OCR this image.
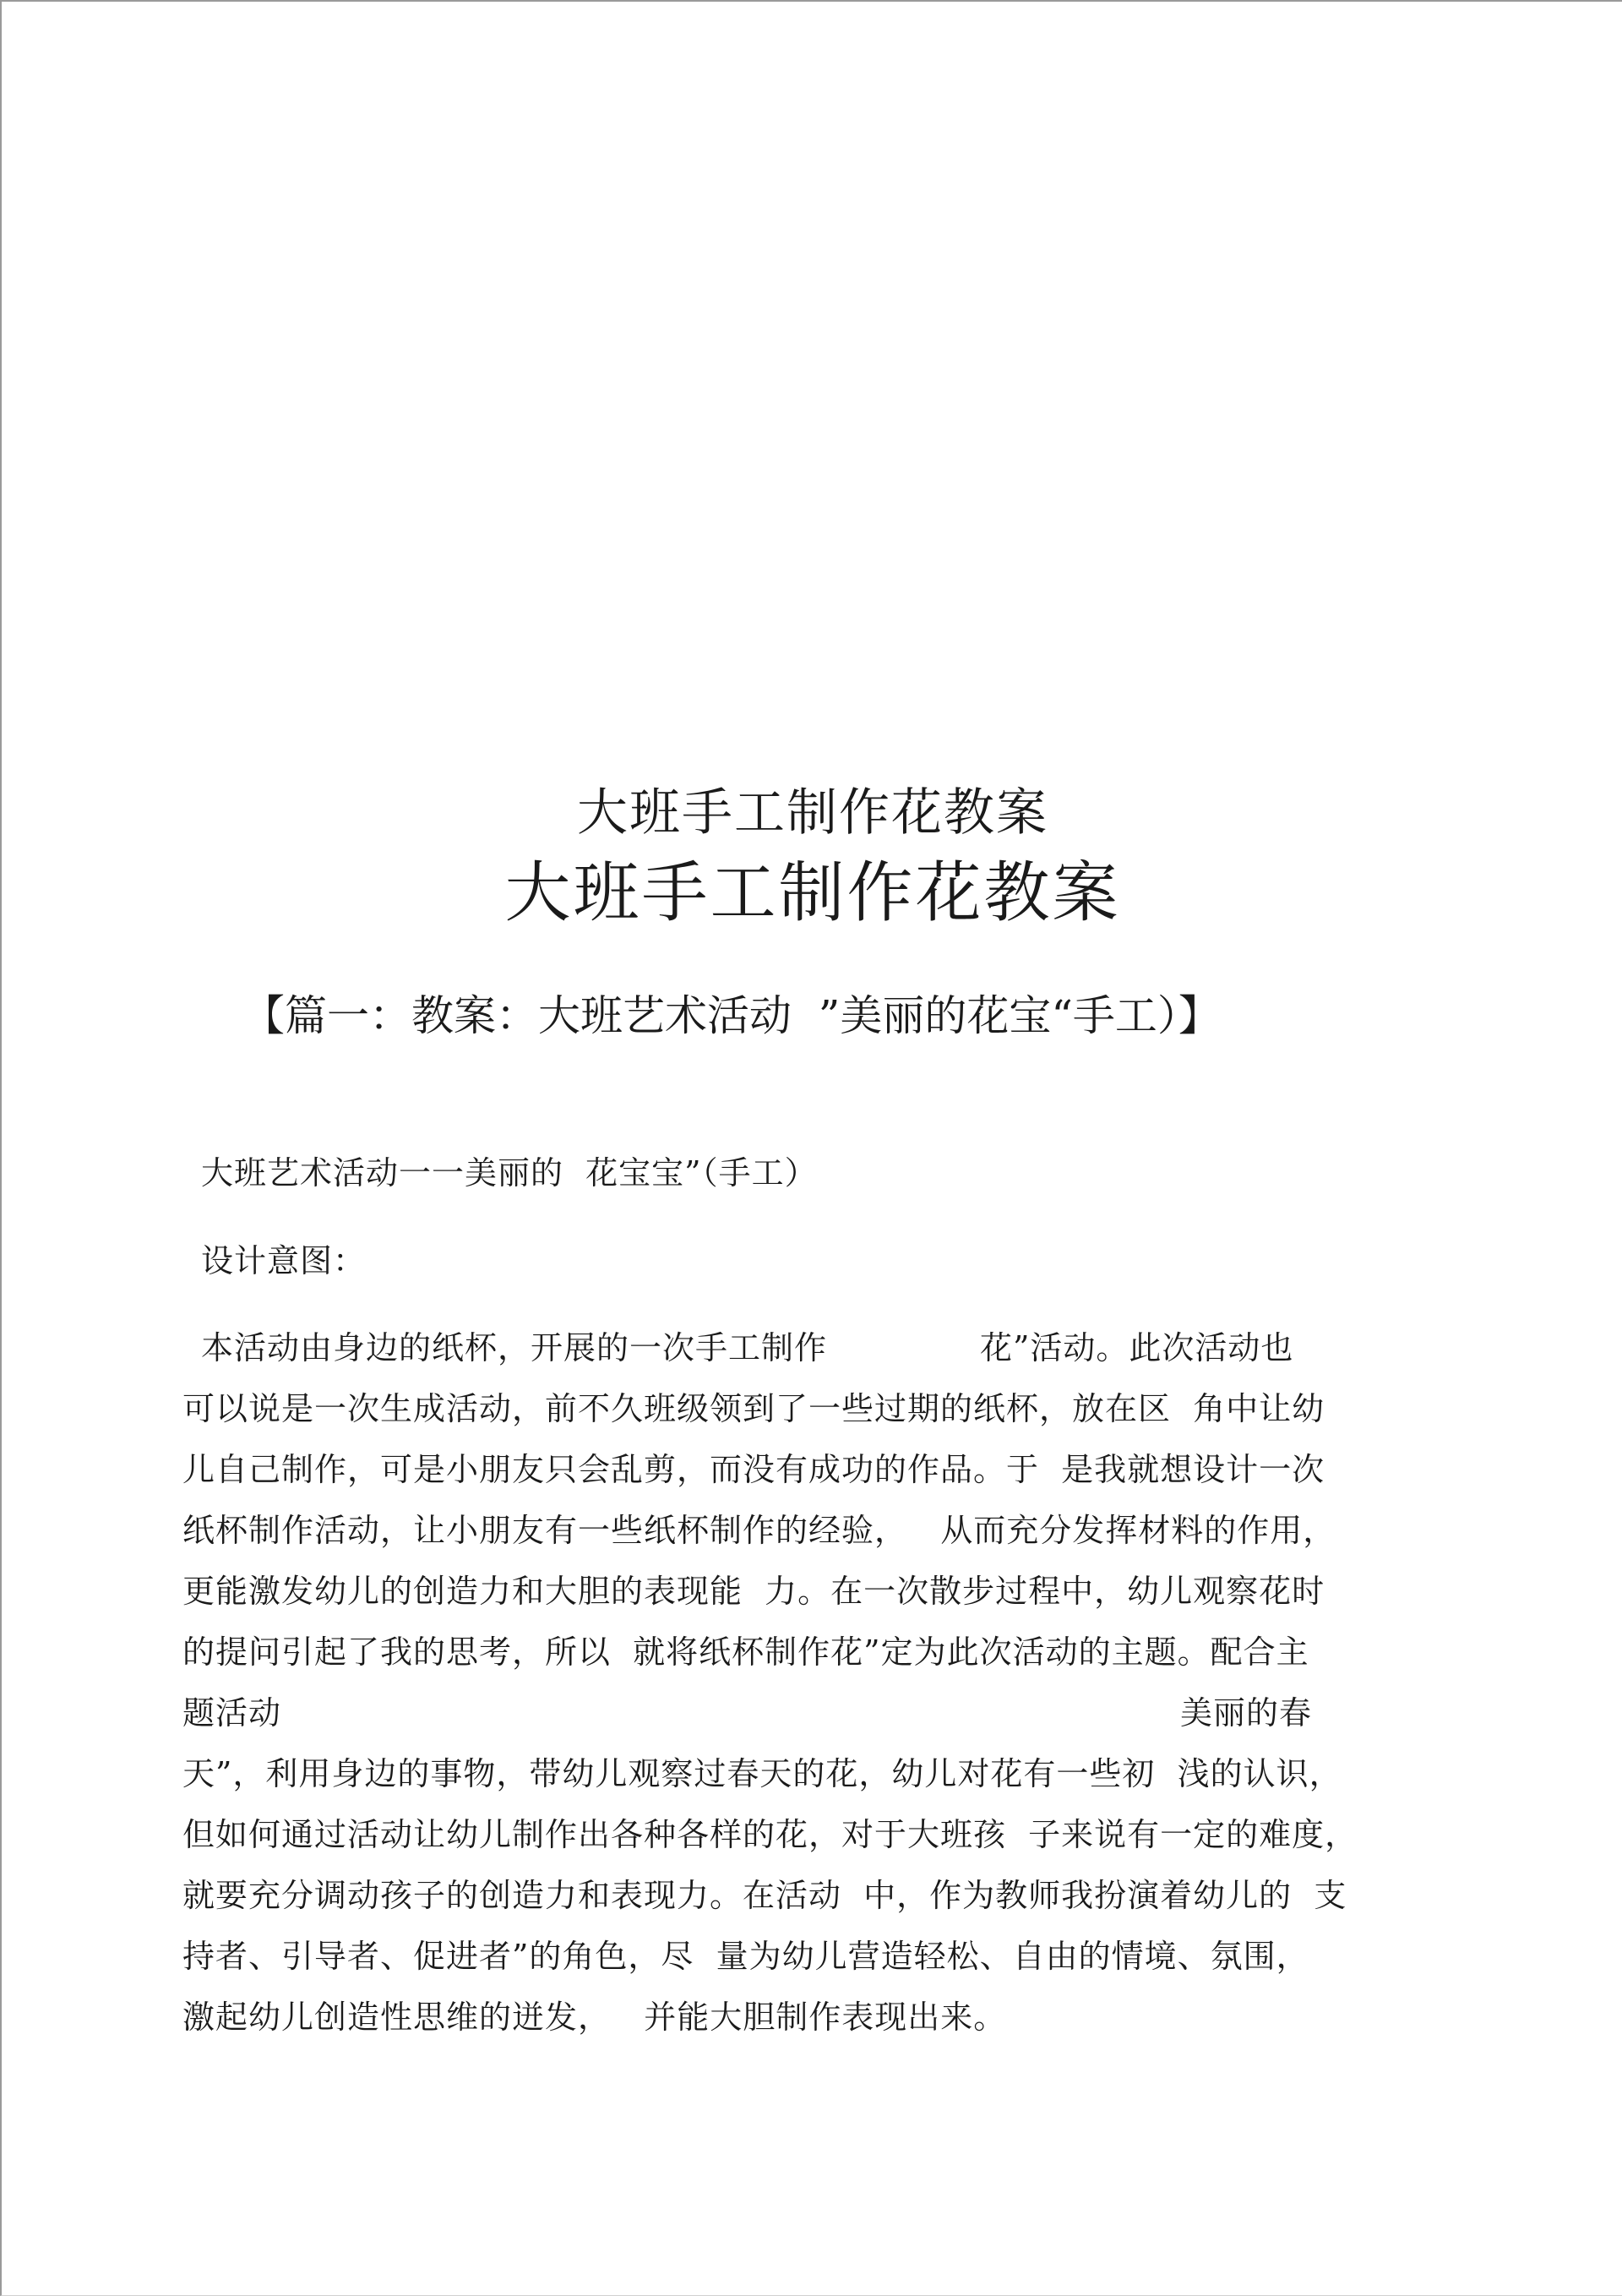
大班手工制作花教案
大班手工制作花教案
【篇一：教案：大班艺术活动  ”美丽的花宝“手工）】
大班艺术活动一一美丽的  花宝宝”（手工）
设计意图：
本活动由身边的纸杯，开展的一次手工制作	花”活动。此次活动也
可以说是一次生成活动，前不久班级领到了一些过期的纸杯，放在区  角中让幼
儿自己制作，可是小朋友只会乱剪，而没有成功的作品。于  是我就想设计一次
纸杯制作活动，让小朋友有一些纸杯制作的经验，   从而充分发挥材料的作用，
更能激发幼儿的创造力和大胆的表现能  力。在一次散步过程中，幼儿观察花时
的提问引起了我的思考，所以  就将纸杯制作花”定为此次活动的主题。配合主
题活动	美丽的春
天”，利用身边的事物，带幼儿观察过春天的花，幼儿对花有一些初  浅的认识，
但如何通过活动让幼儿制作出各种各样的花，对于大班孩  子来说有一定的难度，
就要充分调动孩子的创造力和表现力。在活动  中，作为教师我扮演着幼儿的  支
持者、引导者、促进者”的角色，尽  量为幼儿营造轻松、自由的情境、氛围，
激起幼儿创造性思维的迸发，   并能大胆制作表现出来。
